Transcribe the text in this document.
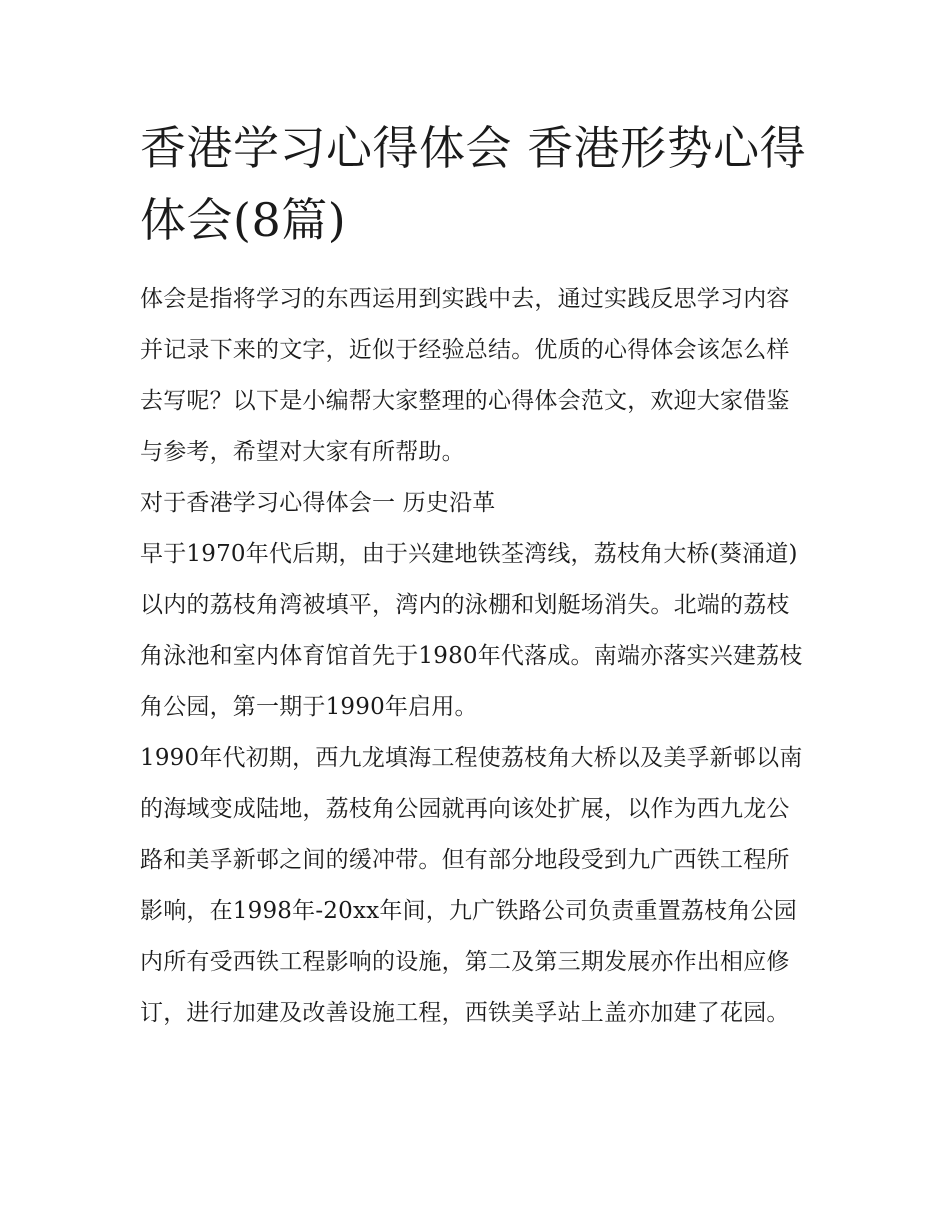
香港学习心得体会 香港形势心得体会(8篇)

体会是指将学习的东西运用到实践中去，通过实践反思学习内容并记录下来的文字，近似于经验总结。优质的心得体会该怎么样去写呢？以下是小编帮大家整理的心得体会范文，欢迎大家借鉴与参考，希望对大家有所帮助。

对于香港学习心得体会一 历史沿革

早于1970年代后期，由于兴建地铁荃湾线，荔枝角大桥(葵涌道)以内的荔枝角湾被填平，湾内的泳棚和划艇场消失。北端的荔枝角泳池和室内体育馆首先于1980年代落成。南端亦落实兴建荔枝角公园，第一期于1990年启用。

1990年代初期，西九龙填海工程使荔枝角大桥以及美孚新邨以南的海域变成陆地，荔枝角公园就再向该处扩展，以作为西九龙公路和美孚新邨之间的缓冲带。但有部分地段受到九广西铁工程所影响，在1998年-20xx年间，九广铁路公司负责重置荔枝角公园内所有受西铁工程影响的设施，第二及第三期发展亦作出相应修订，进行加建及改善设施工程，西铁美孚站上盖亦加建了花园。
